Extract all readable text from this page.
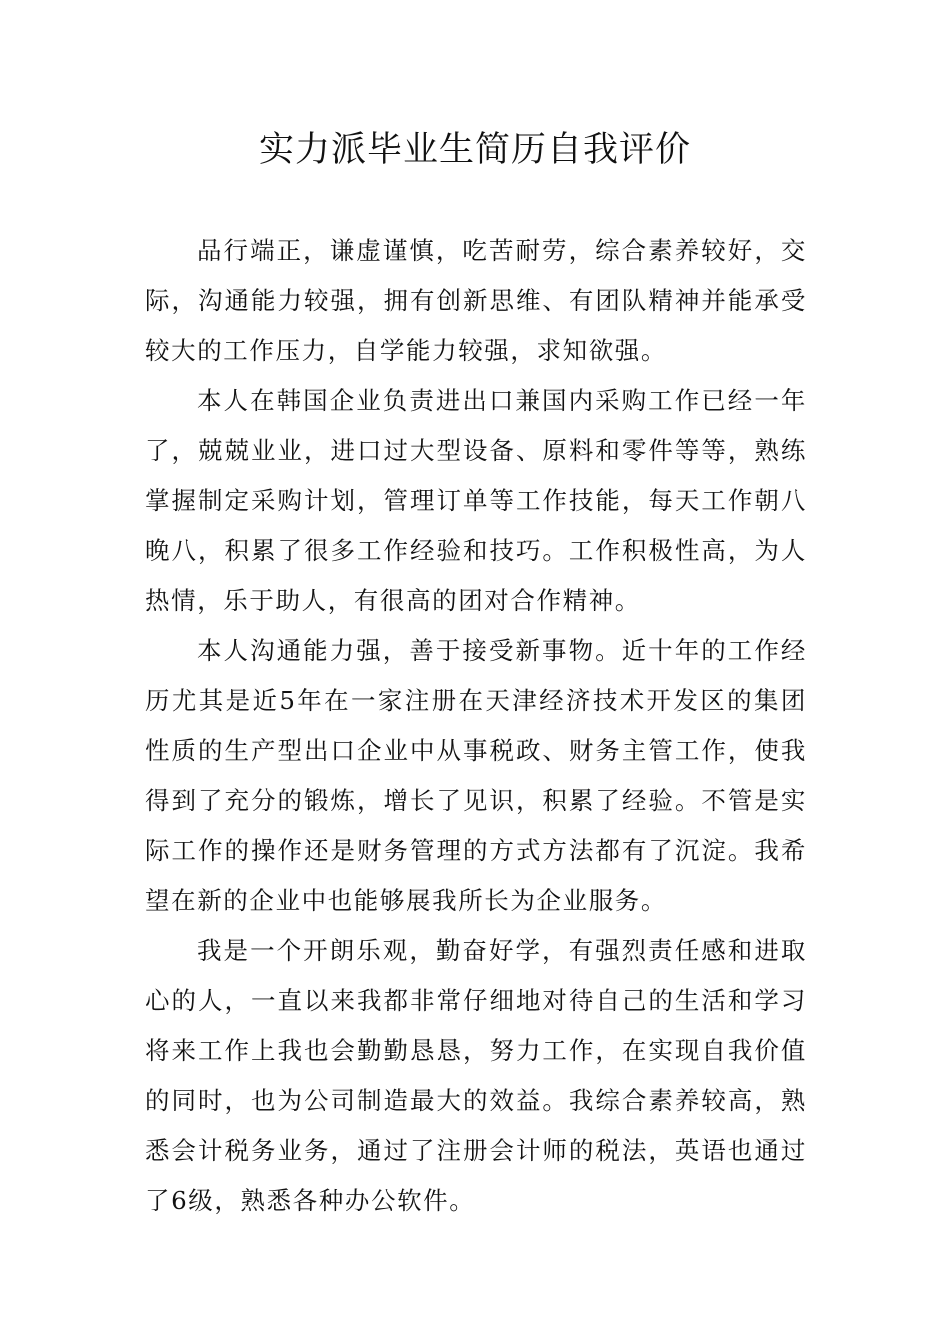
实力派毕业生简历自我评价

品行端正，谦虚谨慎，吃苦耐劳，综合素养较好，交际，沟通能力较强，拥有创新思维、有团队精神并能承受较大的工作压力，自学能力较强，求知欲强。

本人在韩国企业负责进出口兼国内采购工作已经一年了，兢兢业业，进口过大型设备、原料和零件等等，熟练掌握制定采购计划，管理订单等工作技能，每天工作朝八晚八，积累了很多工作经验和技巧。工作积极性高，为人热情，乐于助人，有很高的团对合作精神。

本人沟通能力强，善于接受新事物。近十年的工作经历尤其是近5年在一家注册在天津经济技术开发区的集团性质的生产型出口企业中从事税政、财务主管工作，使我得到了充分的锻炼，增长了见识，积累了经验。不管是实际工作的操作还是财务管理的方式方法都有了沉淀。我希望在新的企业中也能够展我所长为企业服务。

我是一个开朗乐观，勤奋好学，有强烈责任感和进取心的人，一直以来我都非常仔细地对待自己的生活和学习将来工作上我也会勤勤恳恳，努力工作，在实现自我价值的同时，也为公司制造最大的效益。我综合素养较高，熟悉会计税务业务，通过了注册会计师的税法，英语也通过了6级，熟悉各种办公软件。
